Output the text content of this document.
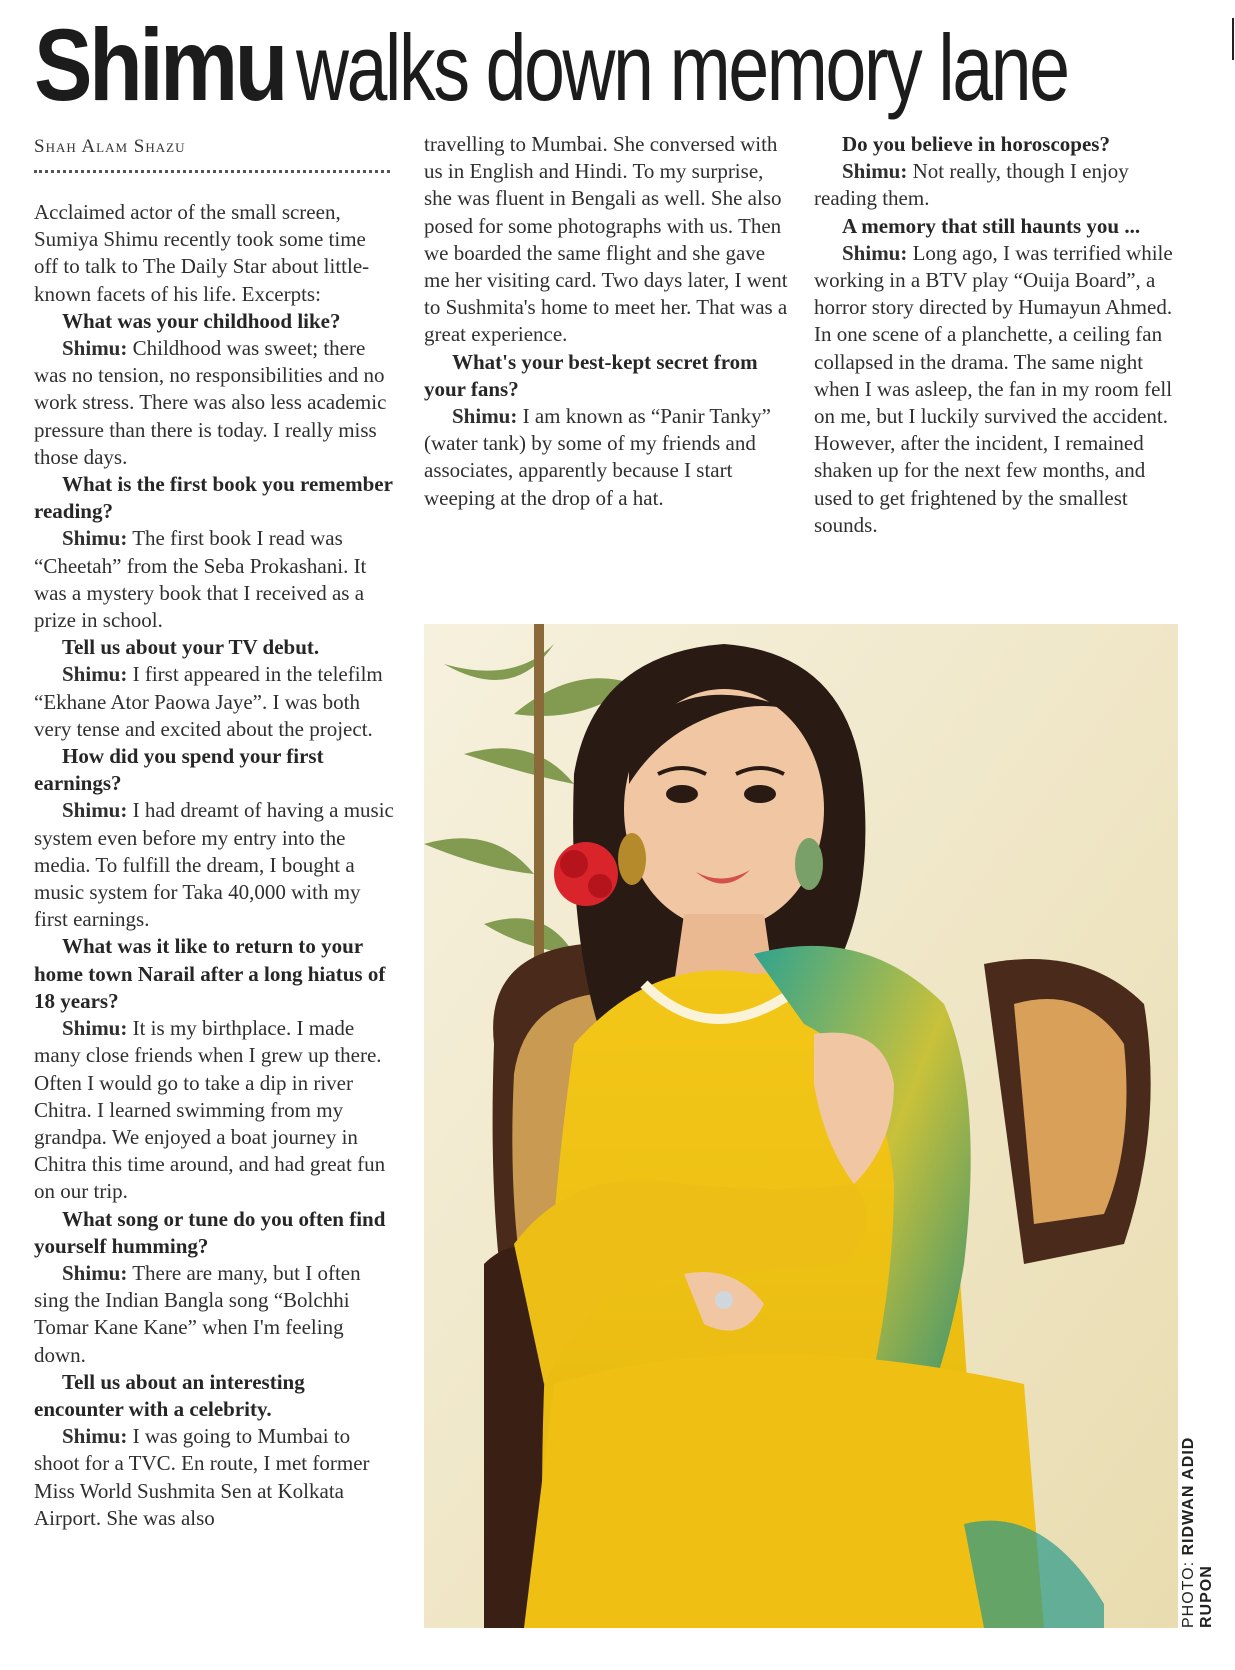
Shimu walks down memory lane
Shah Alam Shazu

Acclaimed actor of the small screen, Sumiya Shimu recently took some time off to talk to The Daily Star about little-known facets of his life. Excerpts:

What was your childhood like?

Shimu: Childhood was sweet; there was no tension, no responsibilities and no work stress. There was also less academic pressure than there is today. I really miss those days.

What is the first book you remember reading?

Shimu: The first book I read was “Cheetah” from the Seba Prokashani. It was a mystery book that I received as a prize in school.

Tell us about your TV debut.

Shimu: I first appeared in the telefilm “Ekhane Ator Paowa Jaye”. I was both very tense and excited about the project.

How did you spend your first earnings?

Shimu: I had dreamt of having a music system even before my entry into the media. To fulfill the dream, I bought a music system for Taka 40,000 with my first earnings.

What was it like to return to your home town Narail after a long hiatus of 18 years?

Shimu: It is my birthplace. I made many close friends when I grew up there. Often I would go to take a dip in river Chitra. I learned swimming from my grandpa. We enjoyed a boat journey in Chitra this time around, and had great fun on our trip.

What song or tune do you often find yourself humming?

Shimu: There are many, but I often sing the Indian Bangla song “Bolchhi Tomar Kane Kane” when I'm feeling down.

Tell us about an interesting encounter with a celebrity.

Shimu: I was going to Mumbai to shoot for a TVC. En route, I met former Miss World Sushmita Sen at Kolkata Airport. She was also

travelling to Mumbai. She conversed with us in English and Hindi. To my surprise, she was fluent in Bengali as well. She also posed for some photographs with us. Then we boarded the same flight and she gave me her visiting card. Two days later, I went to Sushmita's home to meet her. That was a great experience.

What's your best-kept secret from your fans?

Shimu: I am known as “Panir Tanky” (water tank) by some of my friends and associates, apparently because I start weeping at the drop of a hat.

Do you believe in horoscopes?

Shimu: Not really, though I enjoy reading them.

A memory that still haunts you ...

Shimu: Long ago, I was terrified while working in a BTV play “Ouija Board”, a horror story directed by Humayun Ahmed. In one scene of a planchette, a ceiling fan collapsed in the drama. The same night when I was asleep, the fan in my room fell on me, but I luckily survived the accident. However, after the incident, I remained shaken up for the next few months, and used to get frightened by the smallest sounds.

PHOTO: RIDWAN ADID RUPON
